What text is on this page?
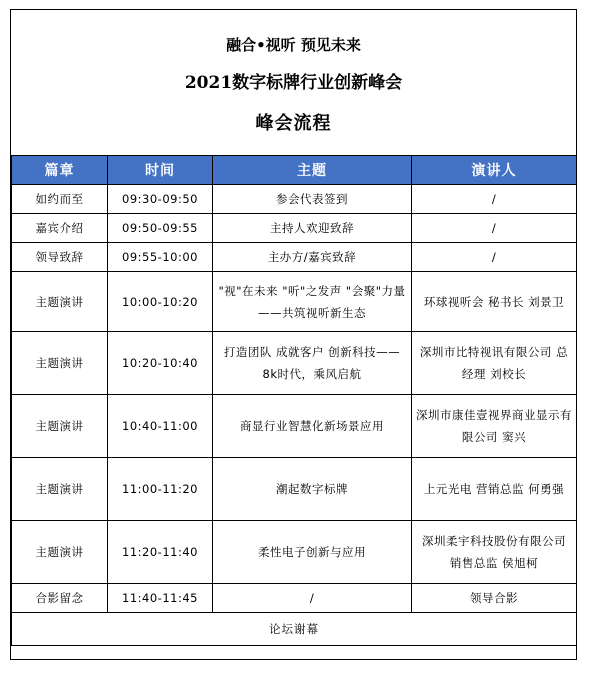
融合•视听 预见未来
2021数字标牌行业创新峰会
峰会流程
篇章	时间	主题	演讲人
如约而至	09:30-09:50	参会代表签到	/
嘉宾介绍	09:50-09:55	主持人欢迎致辞	/
领导致辞	09:55-10:00	主办方/嘉宾致辞	/
主题演讲	10:00-10:20	"视"在未来 "听"之发声 "会聚"力量——共筑视听新生态	环球视听会 秘书长 刘景卫
主题演讲	10:20-10:40	打造团队 成就客户 创新科技——8k时代，乘风启航	深圳市比特视讯有限公司 总经理 刘校长
主题演讲	10:40-11:00	商显行业智慧化新场景应用	深圳市康佳壹视界商业显示有限公司 窦兴
主题演讲	11:00-11:20	潮起数字标牌	上元光电 营销总监 何勇强
主题演讲	11:20-11:40	柔性电子创新与应用	深圳柔宇科技股份有限公司 销售总监 侯旭柯
合影留念	11:40-11:45	/	领导合影
论坛谢幕			
